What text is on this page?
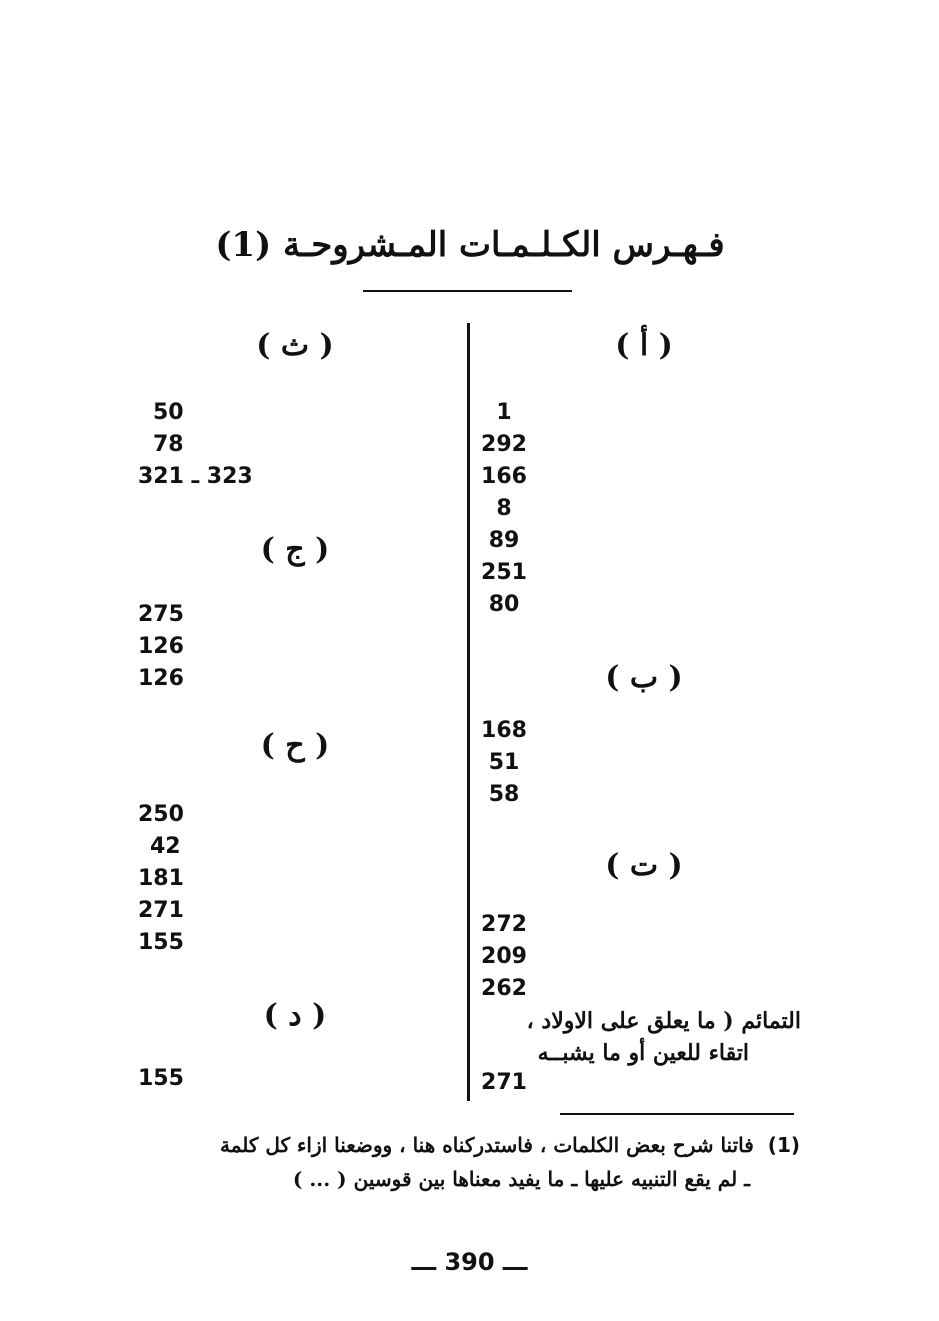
فـهـرس الكـلـمـات المـشروحـة (1)
( أ )
1
292
166
8
89
251
80
( ب )
168
51
58
( ت )
272
209
262
التمائم ( ما يعلق على الاولاد ،
اتقاء للعين أو ما يشبــه
271
( ث )
50
78
323 ـ 321
( ج )
275
126
126
( ح )
250
42
181
271
155
( د )
155
(1)فاتنا شرح بعض الكلمات ، فاستدركناه هنا ، ووضعنا ازاء كل كلمة
ـ لم يقع التنبيه عليها ـ ما يفيد معناها بين قوسين ( ... )
ـــ 390 ـــ
